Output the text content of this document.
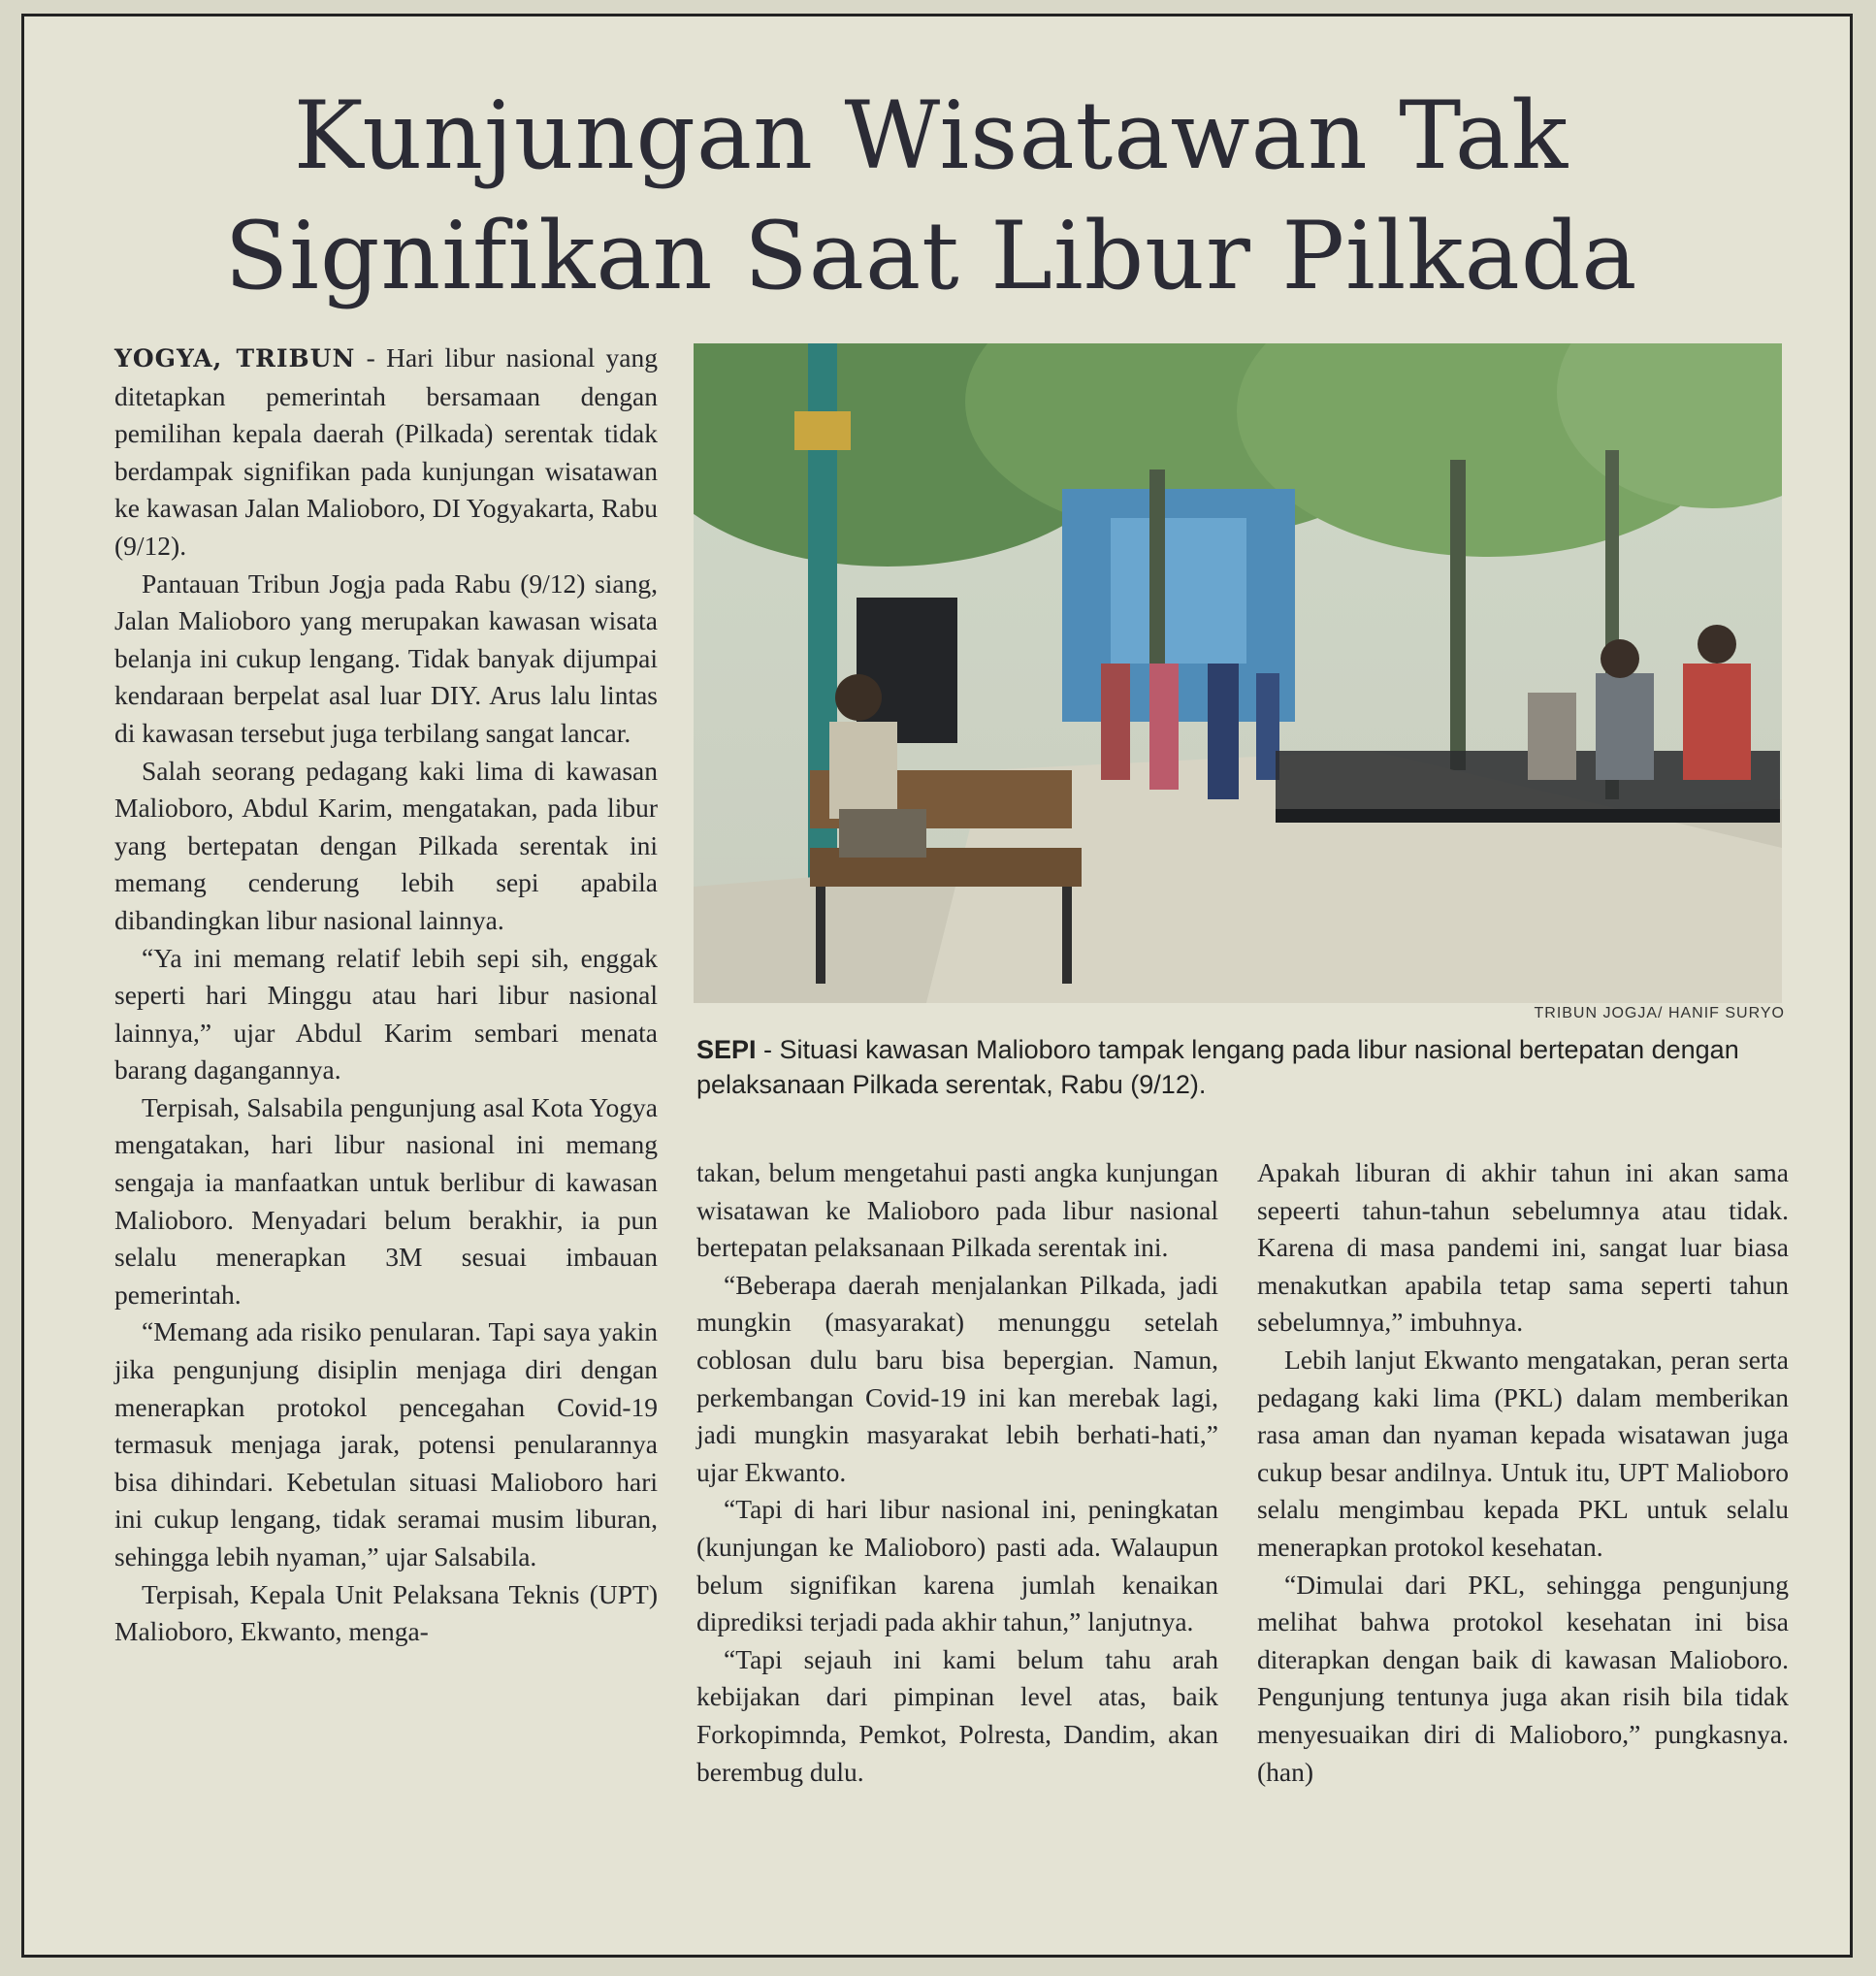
Kunjungan Wisatawan Tak
Signifikan Saat Libur Pilkada

YOGYA, TRIBUN - Hari libur nasional yang ditetapkan pemerintah bersamaan dengan pemilihan kepala daerah (Pilkada) serentak tidak berdampak signifikan pada kunjungan wisatawan ke kawasan Jalan Malioboro, DI Yogyakarta, Rabu (9/12).

Pantauan Tribun Jogja pada Rabu (9/12) siang, Jalan Malioboro yang merupakan kawasan wisata belanja ini cukup lengang. Tidak banyak dijumpai kendaraan berpelat asal luar DIY. Arus lalu lintas di kawasan tersebut juga terbilang sangat lancar.

Salah seorang pedagang kaki lima di kawasan Malioboro, Abdul Karim, mengatakan, pada libur yang bertepatan dengan Pilkada serentak ini memang cenderung lebih sepi apabila dibandingkan libur nasional lainnya.

“Ya ini memang relatif lebih sepi sih, enggak seperti hari Minggu atau hari libur nasional lainnya,” ujar Abdul Karim sembari menata barang dagangannya.

Terpisah, Salsabila pengunjung asal Kota Yogya mengatakan, hari libur nasional ini memang sengaja ia manfaatkan untuk berlibur di kawasan Malioboro. Menyadari belum berakhir, ia pun selalu menerapkan 3M sesuai imbauan pemerintah.

“Memang ada risiko penularan. Tapi saya yakin jika pengunjung disiplin menjaga diri dengan menerapkan protokol pencegahan Covid-19 termasuk menjaga jarak, potensi penularannya bisa dihindari. Kebetulan situasi Malioboro hari ini cukup lengang, tidak seramai musim liburan, sehingga lebih nyaman,” ujar Salsabila.

Terpisah, Kepala Unit Pelaksana Teknis (UPT) Malioboro, Ekwanto, menga-

TRIBUN JOGJA/ HANIF SURYO
SEPI - Situasi kawasan Malioboro tampak lengang pada libur nasional bertepatan dengan pelaksanaan Pilkada serentak, Rabu (9/12).

takan, belum mengetahui pasti angka kunjungan wisatawan ke Malioboro pada libur nasional bertepatan pelaksanaan Pilkada serentak ini.

“Beberapa daerah menjalankan Pilkada, jadi mungkin (masyarakat) menunggu setelah coblosan dulu baru bisa bepergian. Namun, perkembangan Covid-19 ini kan merebak lagi, jadi mungkin masyarakat lebih berhati-hati,” ujar Ekwanto.

“Tapi di hari libur nasional ini, peningkatan (kunjungan ke Malioboro) pasti ada. Walaupun belum signifikan karena jumlah kenaikan diprediksi terjadi pada akhir tahun,” lanjutnya.

“Tapi sejauh ini kami belum tahu arah kebijakan dari pimpinan level atas, baik Forkopimnda, Pemkot, Polresta, Dandim, akan berembug dulu.

Apakah liburan di akhir tahun ini akan sama sepeerti tahun-tahun sebelumnya atau tidak. Karena di masa pandemi ini, sangat luar biasa menakutkan apabila tetap sama seperti tahun sebelumnya,” imbuhnya.

Lebih lanjut Ekwanto mengatakan, peran serta pedagang kaki lima (PKL) dalam memberikan rasa aman dan nyaman kepada wisatawan juga cukup besar andilnya. Untuk itu, UPT Malioboro selalu mengimbau kepada PKL untuk selalu menerapkan protokol kesehatan.

“Dimulai dari PKL, sehingga pengunjung melihat bahwa protokol kesehatan ini bisa diterapkan dengan baik di kawasan Malioboro. Pengunjung tentunya juga akan risih bila tidak menyesuaikan diri di Malioboro,” pungkasnya. (han)
